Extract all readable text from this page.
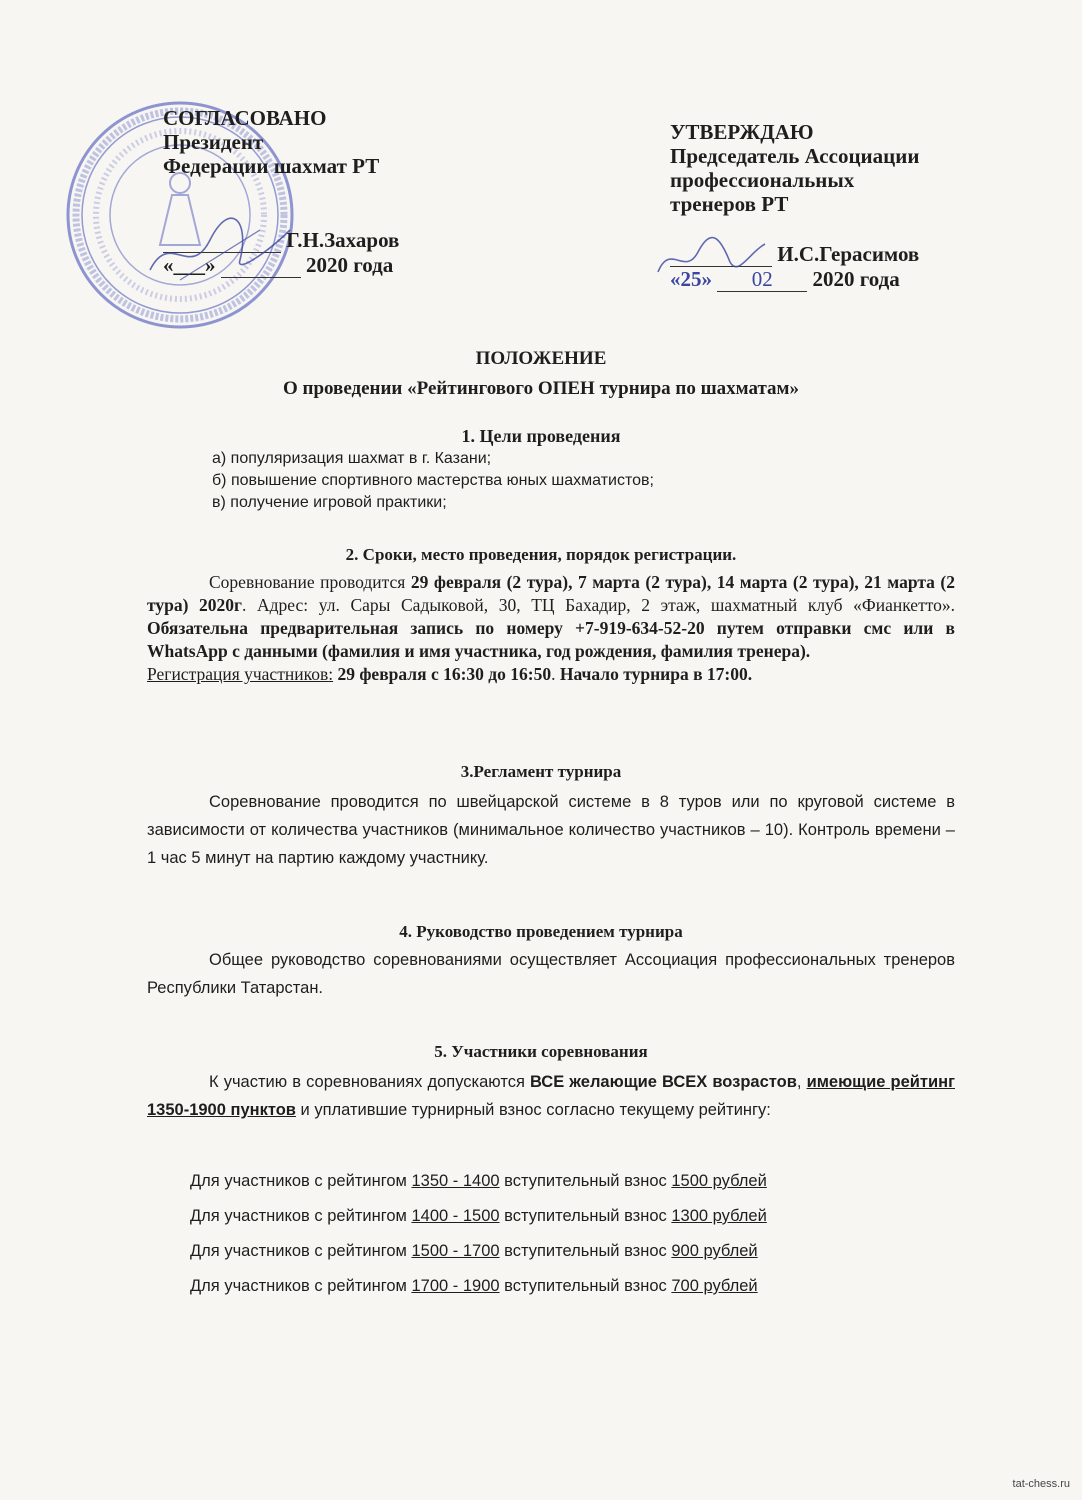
СОГЛАСОВАНО
Президент
Федерации шахмат РТ
Г.Н.Захаров
«___»	2020 года
УТВЕРЖДАЮ
Председатель Ассоциации
профессиональных
тренеров РТ
И.С.Герасимов
«25» 02 2020 года
ПОЛОЖЕНИЕ
О проведении «Рейтингового ОПЕН турнира по шахматам»
1. Цели проведения
а) популяризация шахмат в г. Казани;
б) повышение спортивного мастерства юных шахматистов;
в) получение игровой практики;
2. Сроки, место проведения, порядок регистрации.
Соревнование проводится 29 февраля (2 тура), 7 марта (2 тура), 14 марта (2 тура), 21 марта (2 тура) 2020г. Адрес: ул. Сары Садыковой, 30, ТЦ Бахадир, 2 этаж, шахматный клуб «Фианкетто». Обязательна предварительная запись по номеру +7-919-634-52-20 путем отправки смс или в WhatsApp с данными (фамилия и имя участника, год рождения, фамилия тренера).
Регистрация участников: 29 февраля с 16:30 до 16:50. Начало турнира в 17:00.
3.Регламент турнира
Соревнование проводится по швейцарской системе в 8 туров или по круговой системе в зависимости от количества участников (минимальное количество участников – 10). Контроль времени – 1 час 5 минут на партию каждому участнику.
4. Руководство проведением турнира
Общее руководство соревнованиями осуществляет Ассоциация профессиональных тренеров Республики Татарстан.
5. Участники соревнования
К участию в соревнованиях допускаются ВСЕ желающие ВСЕХ возрастов, имеющие рейтинг 1350-1900 пунктов и уплатившие турнирный взнос согласно текущему рейтингу:
Для участников с рейтингом 1350 - 1400 вступительный взнос 1500 рублей
Для участников с рейтингом 1400 - 1500 вступительный взнос 1300 рублей
Для участников с рейтингом 1500 - 1700 вступительный взнос 900 рублей
Для участников с рейтингом 1700 - 1900 вступительный взнос 700 рублей
tat-chess.ru
